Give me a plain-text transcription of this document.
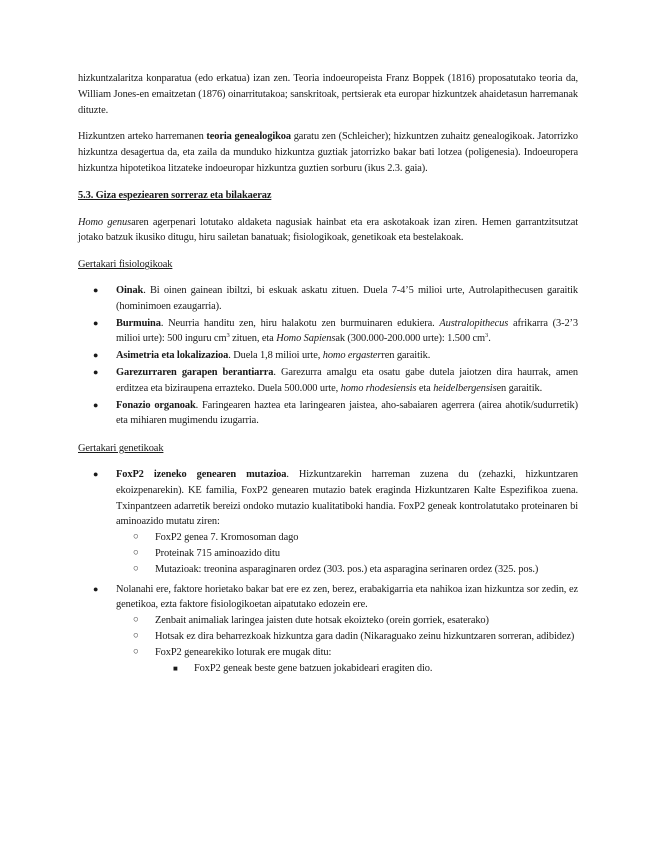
hizkuntzalaritza konparatua (edo erkatua) izan zen. Teoria indoeuropeista Franz Boppek (1816) proposatutako teoria da, William Jones-en emaitzetan (1876) oinarritutakoa; sanskritoak, pertsierak eta europar hizkuntzek ahaidetasun harremanak dituzte.

Hizkuntzen arteko harremanen teoria genealogikoa garatu zen (Schleicher); hizkuntzen zuhaitz genealogikoak. Jatorrizko hizkuntza desagertua da, eta zaila da munduko hizkuntza guztiak jatorrizko bakar bati lotzea (poligenesia). Indoeuropera hizkuntza hipotetikoa litzateke indoeuropar hizkuntza guztien sorburu (ikus 2.3. gaia).

5.3. Giza espeziearen sorreraz eta bilakaeraz

Homo genusaren agerpenari lotutako aldaketa nagusiak hainbat eta era askotakoak izan ziren. Hemen garrantzitsutzat jotako batzuk ikusiko ditugu, hiru sailetan banatuak; fisiologikoak, genetikoak eta bestelakoak.

Gertakari fisiologikoak
● Oinak. Bi oinen gainean ibiltzi, bi eskuak askatu zituen. Duela 7-4’5 milioi urte, Autrolapithecusen garaitik (hominimoen ezaugarria).
● Burmuina. Neurria handitu zen, hiru halakotu zen burmuinaren edukiera. Australopithecus afrikarra (3-2’3 milioi urte): 500 inguru $cm^3$ zituen, eta Homo Sapiensak (300.000-200.000 urte): 1.500 $cm^3$.
● Asimetria eta lokalizazioa. Duela 1,8 milioi urte, homo ergasterren garaitik.
● Garezurraren garapen berantiarra. Garezurra amalgu eta osatu gabe dutela jaiotzen dira haurrak, amen erditzea eta biziraupena errazteko. Duela 500.000 urte, homo rhodesiensis eta heidelbergensisen garaitik.
● Fonazio organoak. Faringearen haztea eta laringearen jaistea, aho-sabaiaren agerrera (airea ahotik/sudurretik) eta mihiaren mugimendu izugarria.
Gertakari genetikoak
● FoxP2 izeneko genearen mutazioa. Hizkuntzarekin harreman zuzena du (zehazki, hizkuntzaren ekoizpenarekin). KE familia, FoxP2 genearen mutazio batek eraginda Hizkuntzaren Kalte Espezifikoa zuena. Txinpantzeen adarretik bereizi ondoko mutazio kualitatiboki handia. FoxP2 geneak kontrolatutako proteinaren bi aminoazido mutatu ziren:
○ FoxP2 genea 7. Kromosoman dago
○ Proteinak 715 aminoazido ditu
○ Mutazioak: treonina asparaginaren ordez (303. pos.) eta asparagina serinaren ordez (325. pos.)
● Nolanahi ere, faktore horietako bakar bat ere ez zen, berez, erabakigarria eta nahikoa izan hizkuntza sor zedin, ez genetikoa, ezta faktore fisiologikoetan aipatutako edozein ere.
○ Zenbait animaliak laringea jaisten dute hotsak ekoizteko (orein gorriek, esaterako)
○ Hotsak ez dira beharrezkoak hizkuntza gara dadin (Nikaraguako zeinu hizkuntzaren sorreran, adibidez)
○ FoxP2 genearekiko loturak ere mugak ditu:
■ FoxP2 geneak beste gene batzuen jokabideari eragiten dio.
